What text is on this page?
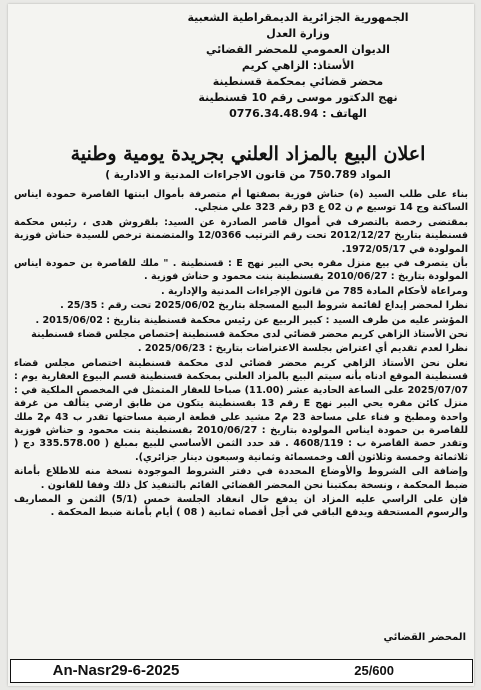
الجمهورية الجزائرية الديمقراطية الشعبية
وزارة العدل
الديوان العمومي للمحضر القضائي
الأستاذ: الزاهي كريم
محضر قضائي بمحكمة قسنطينة
نهج الدكتور موسى رقم 10 قسنطينة
الهاتف : 0776.34.48.94
اعلان البيع بالمزاد العلني بجريدة يومية وطنية
المواد 750.789 من قانون الاجراءات المدنية و الادارية )

بناء على طلب السيد (ة) حناش فوزية بصفتها أم متصرفة بأموال ابنتها القاصرة حمودة ايناس الساكنة وج 14 توسيع م ن 02 ع p3 رقم 323 علي منجلي.

بمقتضى رخصة بالتصرف في أموال قاصر الصادرة عن السيد: بلقروش هدى ، رئيس محكمة قسنطينة بتاريخ 2012/12/27 تحت رقم الترتيب 12/0366 والمتضمنة ترخص للسيدة حناش فوزية المولودة في 1972/05/17.

بأن يتصرف في بيع منزل مقره يحي البير نهج E : قسنطينة . " ملك للقاصرة بن حمودة ايناس المولودة بتاريخ : 2010/06/27 بقسنطينة بنت محمود و حناش فوزية .

ومراعاة لأحكام المادة 785 من قانون الإجراءات المدنية والإدارية .

نظرا لمحضر إيداع لقائمة شروط البيع المسجلة بتاريخ 2025/06/02 تحت رقم : 25/35 .

المؤشر عليه من طرف السيد : كبير الربيع عن رئيس محكمة قسنطينة بتاريخ : 2015/06/02 .

نحن الأستاذ الزاهي كريم محضر قضائي لدى محكمة قسنطينة إختصاص مجلس قضاء قسنطينة

نظرا لعدم تقديم أي اعتراض بجلسة الاعتراضات بتاريخ : 2025/06/23 .

نعلن نحن الأستاذ الزاهي كريم محضر قضائي لدى محكمة قسنطينة اختصاص مجلس قضاء قسنطينة الموقع ادناه بأنه سيتم البيع بالمزاد العلني بمحكمة قسنطينة قسم البيوع العقارية يوم : 2025/07/07 على الساعة الحادية عشر (11.00) صباحا للعقار المتمثل في المخصص الملكية في : منزل كائن مقره يحي البير نهج E رقم 13 بقسنطينة يتكون من طابق ارضي يتألف من غرفة واحدة ومطبخ و فناء على مساحة 23 م2 مشيد على قطعة ارضية مساحتها تقدر ب 43 م2 ملك للقاصرة بن حمودة ايناس المولودة بتاريخ : 2010/06/27 بقسنطينة بنت محمود و حناش فوزية وتقدر حصة القاصرة ب : 4608/119 . قد حدد الثمن الأساسي للبيع بمبلغ ( 335.578.00 دج ( ثلاثمائة وخمسة وثلاثون ألف وخمسمائة وثمانية وسبعون دينار جزائري).

وإضافة الى الشروط والأوضاع المحددة في دفتر الشروط الموجودة نسخة منه للاطلاع بأمانة ضبط المحكمة ، ونسخة بمكتبنا نحن المحضر القضائي القائم بالتنفيذ كل ذلك وفقا للقانون .

فإن على الراسي عليه المزاد ان يدفع حال انعقاد الجلسة خمس (5/1) الثمن و المصاريف والرسوم المستحقة ويدفع الباقي في أجل أقصاه ثمانية ( 08 ) أيام بأمانة ضبط المحكمة .

المحضر القضائي
An-Nasr29-6-2025	25/600
